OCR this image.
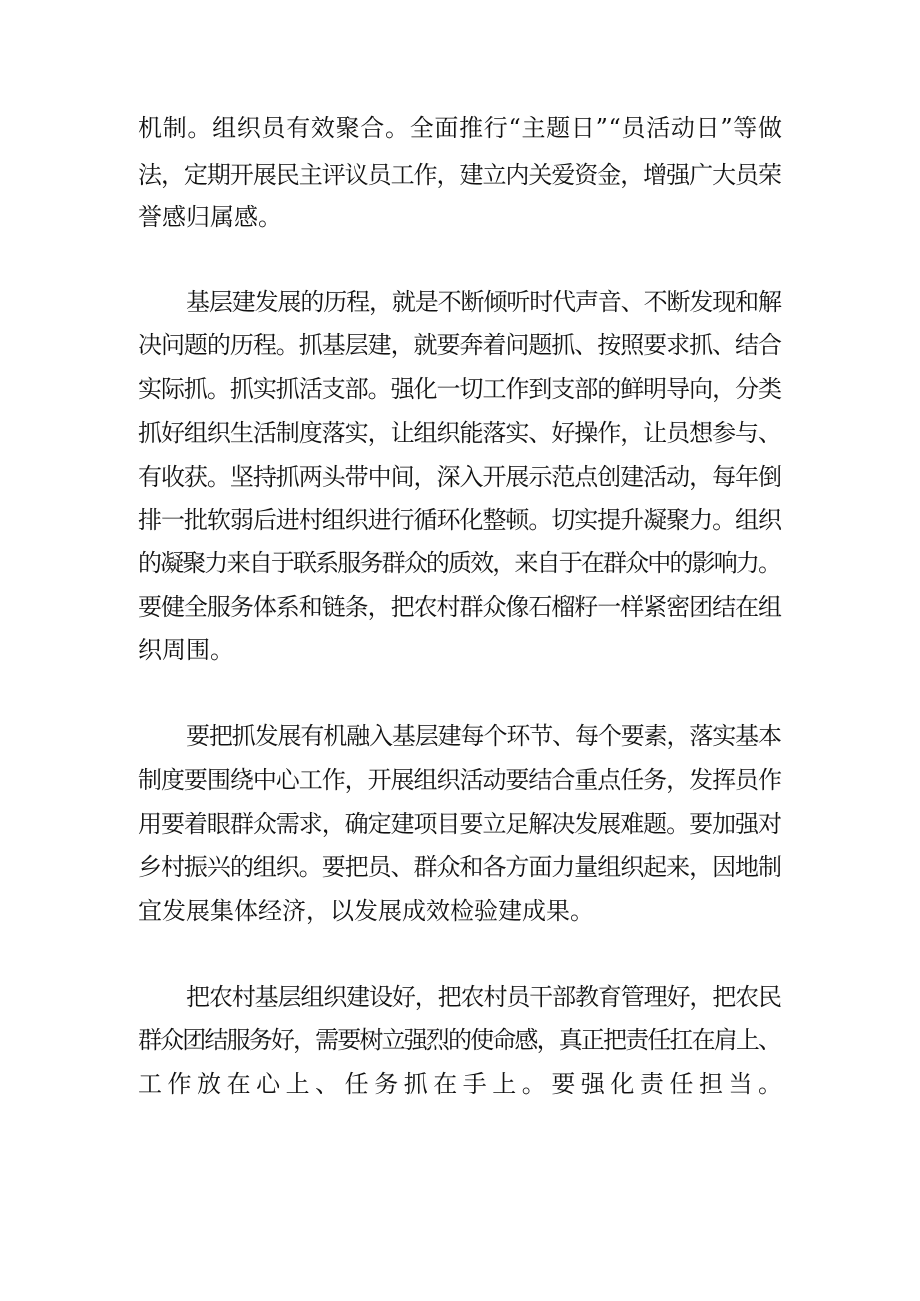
机制。组织员有效聚合。全面推行“主题日”“员活动日”等做
法，定期开展民主评议员工作，建立内关爱资金，增强广大员荣
誉感归属感。
基层建发展的历程，就是不断倾听时代声音、不断发现和解
决问题的历程。抓基层建，就要奔着问题抓、按照要求抓、结合
实际抓。抓实抓活支部。强化一切工作到支部的鲜明导向，分类
抓好组织生活制度落实，让组织能落实、好操作，让员想参与、
有收获。坚持抓两头带中间，深入开展示范点创建活动，每年倒
排一批软弱后进村组织进行循环化整顿。切实提升凝聚力。组织
的凝聚力来自于联系服务群众的质效，来自于在群众中的影响力。
要健全服务体系和链条，把农村群众像石榴籽一样紧密团结在组
织周围。
要把抓发展有机融入基层建每个环节、每个要素，落实基本
制度要围绕中心工作，开展组织活动要结合重点任务，发挥员作
用要着眼群众需求，确定建项目要立足解决发展难题。要加强对
乡村振兴的组织。要把员、群众和各方面力量组织起来，因地制
宜发展集体经济，以发展成效检验建成果。
把农村基层组织建设好，把农村员干部教育管理好，把农民
群众团结服务好，需要树立强烈的使命感，真正把责任扛在肩上、
工作放在心上、任务抓在手上。要强化责任担当。
